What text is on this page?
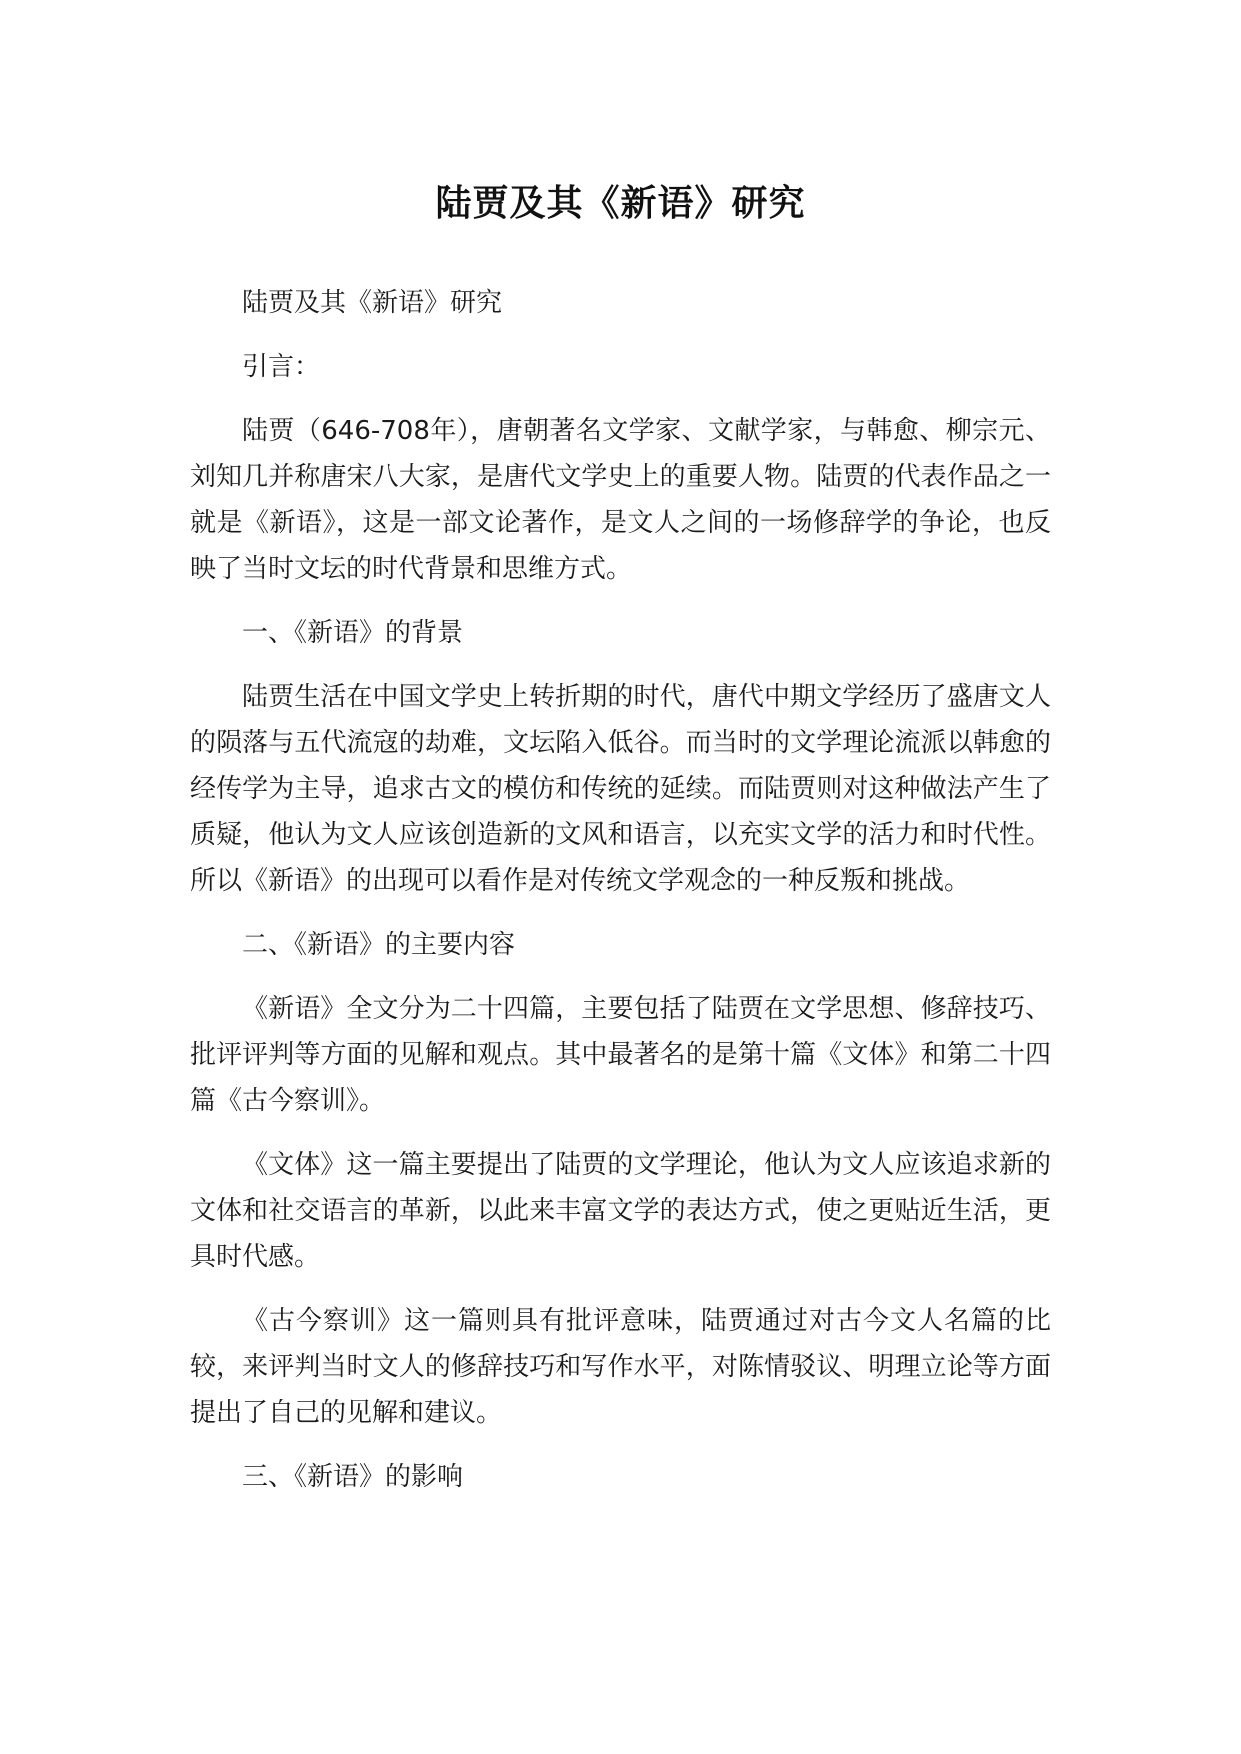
陆贾及其《新语》研究

陆贾及其《新语》研究

引言：

陆贾（646-708年），唐朝著名文学家、文献学家，与韩愈、柳宗元、刘知几并称唐宋八大家，是唐代文学史上的重要人物。陆贾的代表作品之一就是《新语》，这是一部文论著作，是文人之间的一场修辞学的争论，也反映了当时文坛的时代背景和思维方式。

一、《新语》的背景

陆贾生活在中国文学史上转折期的时代，唐代中期文学经历了盛唐文人的陨落与五代流寇的劫难，文坛陷入低谷。而当时的文学理论流派以韩愈的经传学为主导，追求古文的模仿和传统的延续。而陆贾则对这种做法产生了质疑，他认为文人应该创造新的文风和语言，以充实文学的活力和时代性。所以《新语》的出现可以看作是对传统文学观念的一种反叛和挑战。

二、《新语》的主要内容

《新语》全文分为二十四篇，主要包括了陆贾在文学思想、修辞技巧、批评评判等方面的见解和观点。其中最著名的是第十篇《文体》和第二十四篇《古今察训》。

《文体》这一篇主要提出了陆贾的文学理论，他认为文人应该追求新的文体和社交语言的革新，以此来丰富文学的表达方式，使之更贴近生活，更具时代感。

《古今察训》这一篇则具有批评意味，陆贾通过对古今文人名篇的比较，来评判当时文人的修辞技巧和写作水平，对陈情驳议、明理立论等方面提出了自己的见解和建议。

三、《新语》的影响
